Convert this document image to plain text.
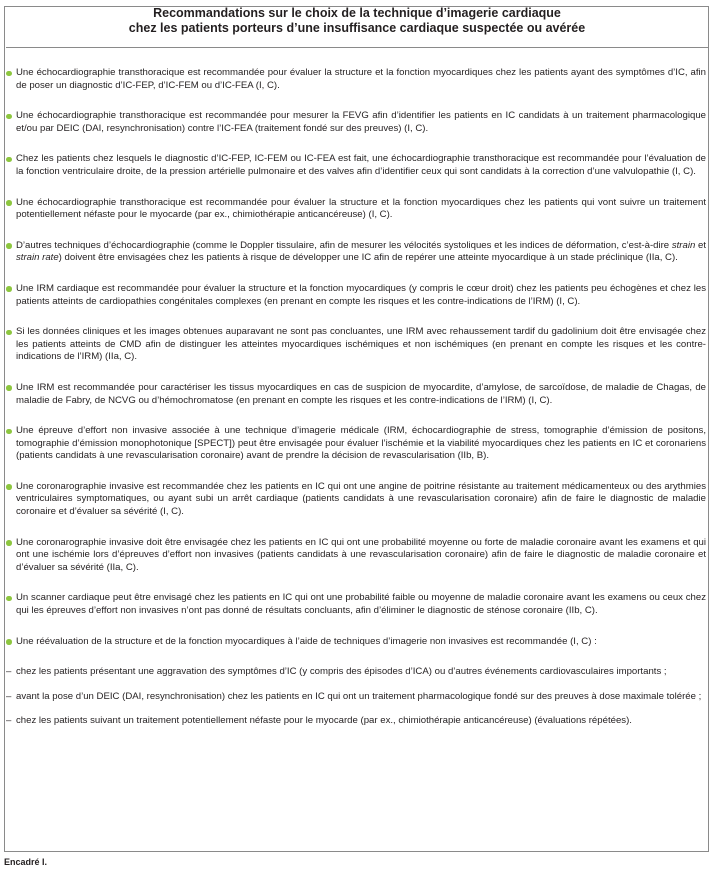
Recommandations sur le choix de la technique d’imagerie cardiaque
chez les patients porteurs d’une insuffisance cardiaque suspectée ou avérée
Une échocardiographie transthoracique est recommandée pour évaluer la structure et la fonction myocardiques chez les patients ayant des symptômes d’IC, afin de poser un diagnostic d’IC-FEP, d’IC-FEM ou d’IC-FEA (I, C).
Une échocardiographie transthoracique est recommandée pour mesurer la FEVG afin d’identifier les patients en IC candidats à un traitement pharmacologique et/ou par DEIC (DAI, resynchronisation) contre l’IC-FEA (traitement fondé sur des preuves) (I, C).
Chez les patients chez lesquels le diagnostic d’IC-FEP, IC-FEM ou IC-FEA est fait, une échocardiographie transthoracique est recommandée pour l’évaluation de la fonction ventriculaire droite, de la pression artérielle pulmonaire et des valves afin d’identifier ceux qui sont candidats à la correction d’une valvulopathie (I, C).
Une échocardiographie transthoracique est recommandée pour évaluer la structure et la fonction myocardiques chez les patients qui vont suivre un traitement potentiellement néfaste pour le myocarde (par ex., chimiothérapie anticancéreuse) (I, C).
D’autres techniques d’échocardiographie (comme le Doppler tissulaire, afin de mesurer les vélocités systoliques et les indices de déformation, c’est-à-dire strain et strain rate) doivent être envisagées chez les patients à risque de développer une IC afin de repérer une atteinte myocardique à un stade préclinique (IIa, C).
Une IRM cardiaque est recommandée pour évaluer la structure et la fonction myocardiques (y compris le cœur droit) chez les patients peu échogènes et chez les patients atteints de cardiopathies congénitales complexes (en prenant en compte les risques et les contre-indications de l’IRM) (I, C).
Si les données cliniques et les images obtenues auparavant ne sont pas concluantes, une IRM avec rehaussement tardif du gadolinium doit être envisagée chez les patients atteints de CMD afin de distinguer les atteintes myocardiques ischémiques et non ischémiques (en prenant en compte les risques et les contre-indications de l’IRM) (IIa, C).
Une IRM est recommandée pour caractériser les tissus myocardiques en cas de suspicion de myocardite, d’amylose, de sarcoïdose, de maladie de Chagas, de maladie de Fabry, de NCVG ou d’hémochromatose (en prenant en compte les risques et les contre-indications de l’IRM) (I, C).
Une épreuve d’effort non invasive associée à une technique d’imagerie médicale (IRM, échocardiographie de stress, tomographie d’émission de positons, tomographie d’émission monophotonique [SPECT]) peut être envisagée pour évaluer l’ischémie et la viabilité myocardiques chez les patients en IC et coronariens (patients candidats à une revascularisation coronaire) avant de prendre la décision de revascularisation (IIb, B).
Une coronarographie invasive est recommandée chez les patients en IC qui ont une angine de poitrine résistante au traitement médicamenteux ou des arythmies ventriculaires symptomatiques, ou ayant subi un arrêt cardiaque (patients candidats à une revascularisation coronaire) afin de faire le diagnostic de maladie coronaire et d’évaluer sa sévérité (I, C).
Une coronarographie invasive doit être envisagée chez les patients en IC qui ont une probabilité moyenne ou forte de maladie coronaire avant les examens et qui ont une ischémie lors d’épreuves d’effort non invasives (patients candidats à une revascularisation coronaire) afin de faire le diagnostic de maladie coronaire et d’évaluer sa sévérité (IIa, C).
Un scanner cardiaque peut être envisagé chez les patients en IC qui ont une probabilité faible ou moyenne de maladie coronaire avant les examens ou ceux chez qui les épreuves d’effort non invasives n’ont pas donné de résultats concluants, afin d’éliminer le diagnostic de sténose coronaire (IIb, C).
Une réévaluation de la structure et de la fonction myocardiques à l’aide de techniques d’imagerie non invasives est recommandée (I, C) :
– chez les patients présentant une aggravation des symptômes d’IC (y compris des épisodes d’ICA) ou d’autres événements cardiovasculaires importants ;
– avant la pose d’un DEIC (DAI, resynchronisation) chez les patients en IC qui ont un traitement pharmacologique fondé sur des preuves à dose maximale tolérée ;
– chez les patients suivant un traitement potentiellement néfaste pour le myocarde (par ex., chimiothérapie anticancéreuse) (évaluations répétées).
Encadré I.
